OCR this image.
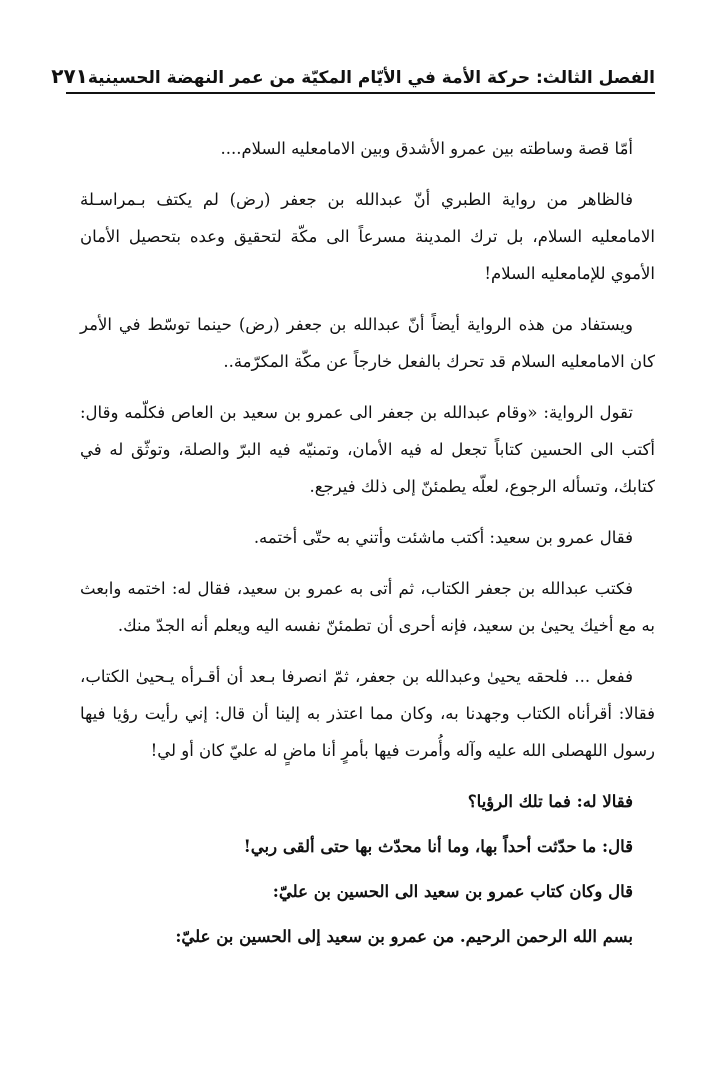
الفصل الثالث: حركة الأمة في الأيّام المكيّة من عمر النهضة الحسينية
٢٧١

أمّا قصة وساطته بين عمرو الأشدق وبين الامامعليه السلام....

فالظاهر من رواية الطبري أنّ عبدالله بن جعفر (رض) لم يكتف بـمراسـلة الامامعليه السلام، بل ترك المدينة مسرعاً الى مكّة لتحقيق وعده بتحصيل الأمان الأموي للإمامعليه السلام!

ويستفاد من هذه الرواية أيضاً أنّ عبدالله بن جعفر (رض) حينما توسّط في الأمر كان الامامعليه السلام قد تحرك بالفعل خارجاً عن مكّة المكرّمة..

تقول الرواية: «وقام عبدالله بن جعفر الى عمرو بن سعيد بن العاص فكلّمه وقال: أكتب الى الحسين كتاباً تجعل له فيه الأمان، وتمنيّه فيه البرّ والصلة، وتوثّق له في كتابك، وتسأله الرجوع، لعلّه يطمئنّ إلى ذلك فيرجع.

فقال عمرو بن سعيد: أكتب ماشئت وأتني به حتّى أختمه.

فكتب عبدالله بن جعفر الكتاب، ثم أتى به عمرو بن سعيد، فقال له: اختمه وابعث به مع أخيك يحيىٰ بن سعيد، فإنه أحرى أن تطمئنّ نفسه اليه ويعلم أنه الجدّ منك.

ففعل ... فلحقه يحيىٰ وعبدالله بن جعفر، ثمّ انصرفا بـعد أن أقـرأه يـحيىٰ الكتاب، فقالا: أقرأناه الكتاب وجهدنا به، وكان مما اعتذر به إلينا أن قال: إني رأيت رؤيا فيها رسول اللهصلى الله عليه وآله وأُمرت فيها بأمرٍ أنا ماضٍ له عليّ كان أو لي!

فقالا له: فما تلك الرؤيا؟

قال: ما حدّثت أحداً بها، وما أنا محدّث بها حتى ألقى ربي!

قال وكان كتاب عمرو بن سعيد الى الحسين بن عليّ:

بسم الله الرحمن الرحيم. من عمرو بن سعيد إلى الحسين بن عليّ:
